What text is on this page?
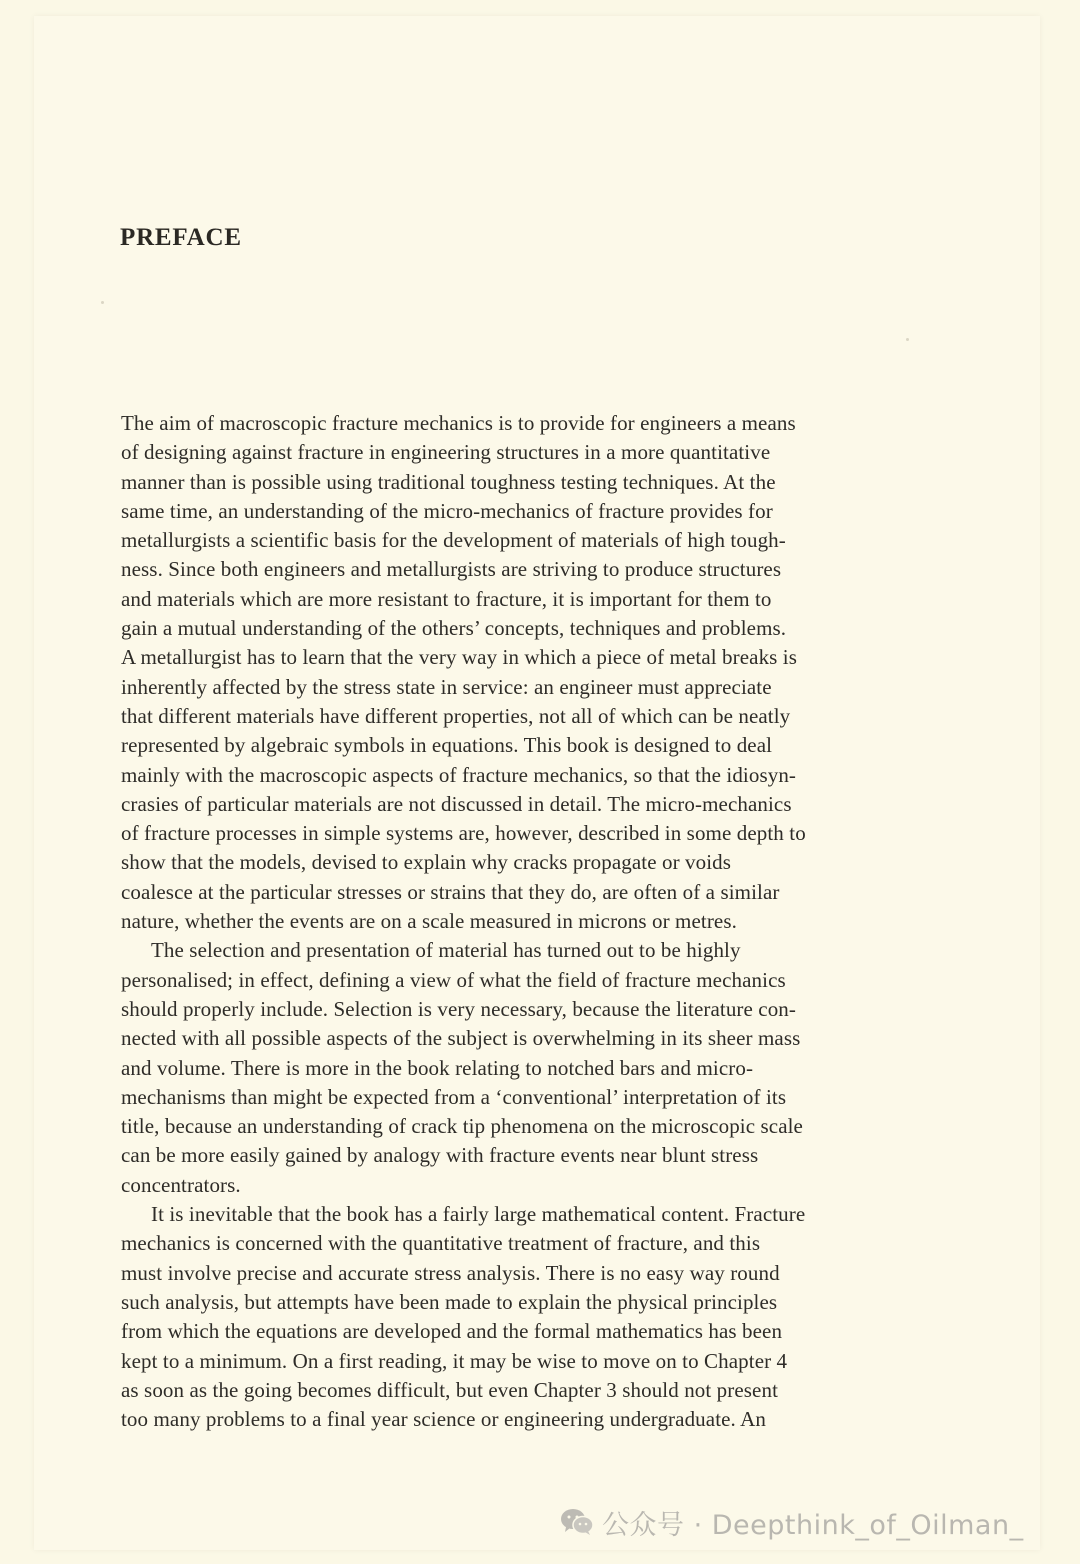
PREFACE
The aim of macroscopic fracture mechanics is to provide for engineers a means
of designing against fracture in engineering structures in a more quantitative
manner than is possible using traditional toughness testing techniques. At the
same time, an understanding of the micro-mechanics of fracture provides for
metallurgists a scientific basis for the development of materials of high tough-
ness. Since both engineers and metallurgists are striving to produce structures
and materials which are more resistant to fracture, it is important for them to
gain a mutual understanding of the others’ concepts, techniques and problems.
A metallurgist has to learn that the very way in which a piece of metal breaks is
inherently affected by the stress state in service: an engineer must appreciate
that different materials have different properties, not all of which can be neatly
represented by algebraic symbols in equations. This book is designed to deal
mainly with the macroscopic aspects of fracture mechanics, so that the idiosyn-
crasies of particular materials are not discussed in detail. The micro-mechanics
of fracture processes in simple systems are, however, described in some depth to
show that the models, devised to explain why cracks propagate or voids
coalesce at the particular stresses or strains that they do, are often of a similar
nature, whether the events are on a scale measured in microns or metres.
The selection and presentation of material has turned out to be highly
personalised; in effect, defining a view of what the field of fracture mechanics
should properly include. Selection is very necessary, because the literature con-
nected with all possible aspects of the subject is overwhelming in its sheer mass
and volume. There is more in the book relating to notched bars and micro-
mechanisms than might be expected from a ‘conventional’ interpretation of its
title, because an understanding of crack tip phenomena on the microscopic scale
can be more easily gained by analogy with fracture events near blunt stress
concentrators.
It is inevitable that the book has a fairly large mathematical content. Fracture
mechanics is concerned with the quantitative treatment of fracture, and this
must involve precise and accurate stress analysis. There is no easy way round
such analysis, but attempts have been made to explain the physical principles
from which the equations are developed and the formal mathematics has been
kept to a minimum. On a first reading, it may be wise to move on to Chapter 4
as soon as the going becomes difficult, but even Chapter 3 should not present
too many problems to a final year science or engineering undergraduate. An
公众号 · Deepthink_of_Oilman_
